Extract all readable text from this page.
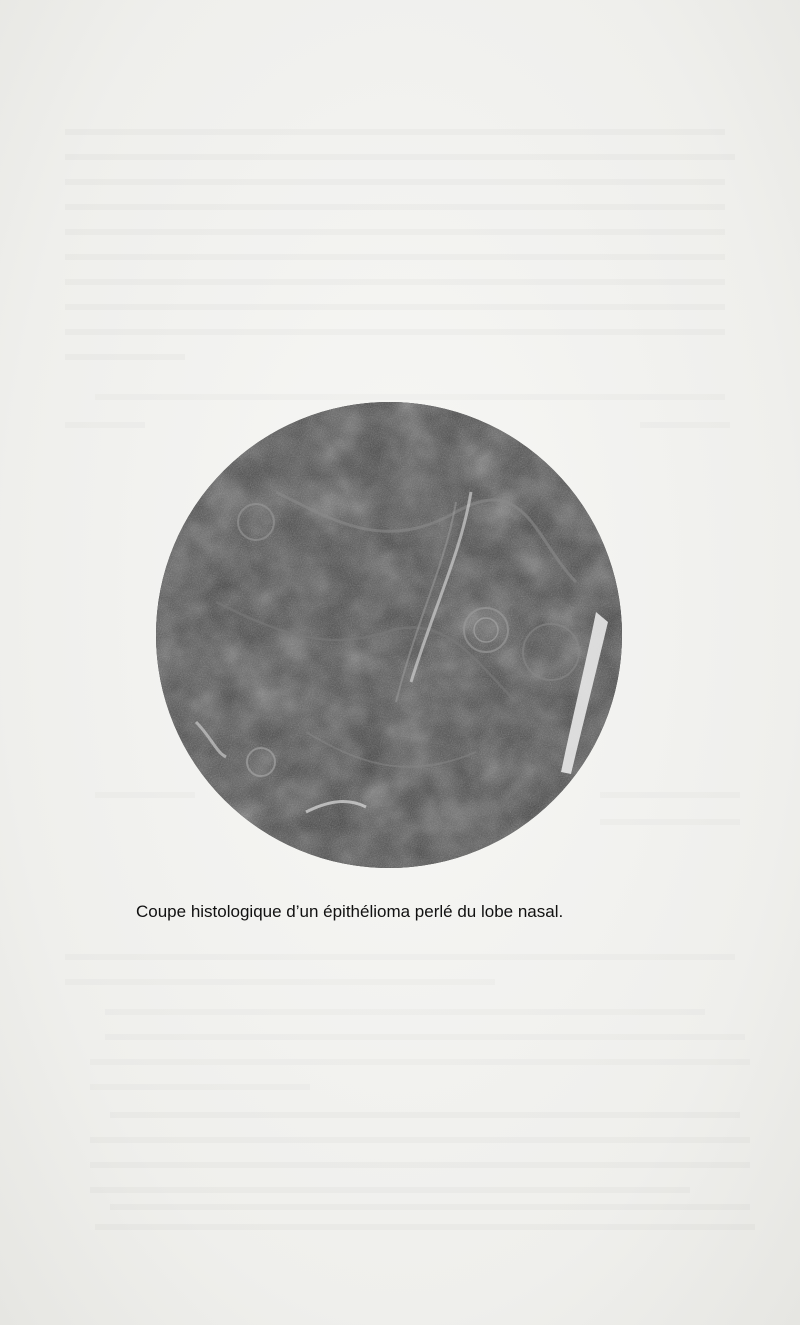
Coupe histologique d’un épithélioma perlé du lobe nasal.
